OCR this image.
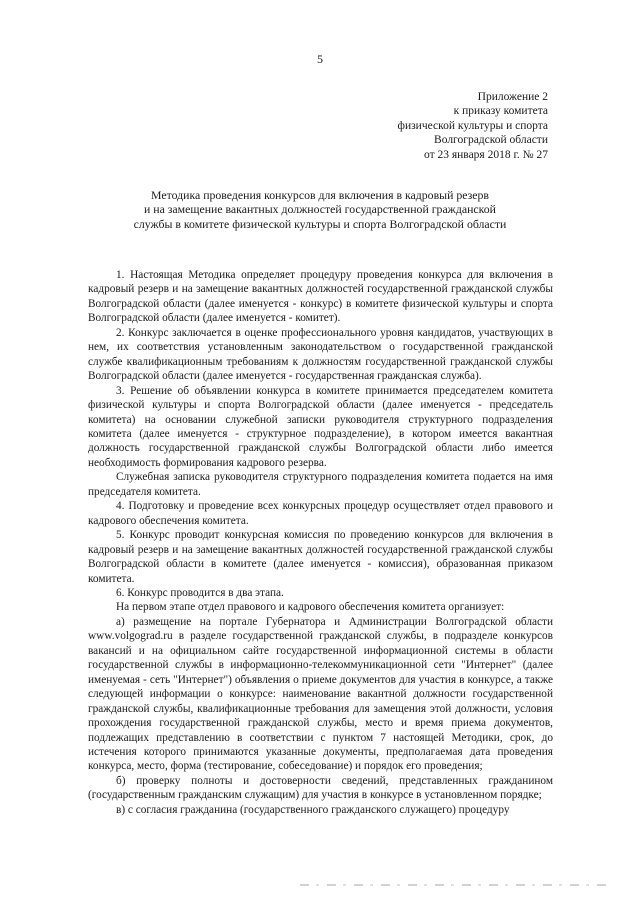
5
Приложение 2
к приказу комитета
физической культуры и спорта
Волгоградской области
от 23 января 2018 г. № 27
Методика проведения конкурсов для включения в кадровый резерв
и на замещение вакантных должностей государственной гражданской
службы в комитете физической культуры и спорта Волгоградской области

1. Настоящая Методика определяет процедуру проведения конкурса для включения в кадровый резерв и на замещение вакантных должностей государственной гражданской службы Волгоградской области (далее именуется - конкурс) в комитете физической культуры и спорта Волгоградской области (далее именуется - комитет).

2. Конкурс заключается в оценке профессионального уровня кандидатов, участвующих в нем, их соответствия установленным законодательством о государственной гражданской службе квалификационным требованиям к должностям государственной гражданской службы Волгоградской области (далее именуется - государственная гражданская служба).

3. Решение об объявлении конкурса в комитете принимается председателем комитета физической культуры и спорта Волгоградской области (далее именуется - председатель комитета) на основании служебной записки руководителя структурного подразделения комитета (далее именуется - структурное подразделение), в котором имеется вакантная должность государственной гражданской службы Волгоградской области либо имеется необходимость формирования кадрового резерва.

Служебная записка руководителя структурного подразделения комитета подается на имя председателя комитета.

4. Подготовку и проведение всех конкурсных процедур осуществляет отдел правового и кадрового обеспечения комитета.

5. Конкурс проводит конкурсная комиссия по проведению конкурсов для включения в кадровый резерв и на замещение вакантных должностей государственной гражданской службы Волгоградской области в комитете (далее именуется - комиссия), образованная приказом комитета.

6. Конкурс проводится в два этапа.

На первом этапе отдел правового и кадрового обеспечения комитета организует:

а) размещение на портале Губернатора и Администрации Волгоградской области www.volgograd.ru в разделе государственной гражданской службы, в подразделе конкурсов вакансий и на официальном сайте государственной информационной системы в области государственной службы в информационно-телекоммуникационной сети "Интернет" (далее именуемая - сеть "Интернет") объявления о приеме документов для участия в конкурсе, а также следующей информации о конкурсе: наименование вакантной должности государственной гражданской службы, квалификационные требования для замещения этой должности, условия прохождения государственной гражданской службы, место и время приема документов, подлежащих представлению в соответствии с пунктом 7 настоящей Методики, срок, до истечения которого принимаются указанные документы, предполагаемая дата проведения конкурса, место, форма (тестирование, собеседование) и порядок его проведения;

б) проверку полноты и достоверности сведений, представленных гражданином (государственным гражданским служащим) для участия в конкурсе в установленном порядке;

в) с согласия гражданина (государственного гражданского служащего) процедуру
